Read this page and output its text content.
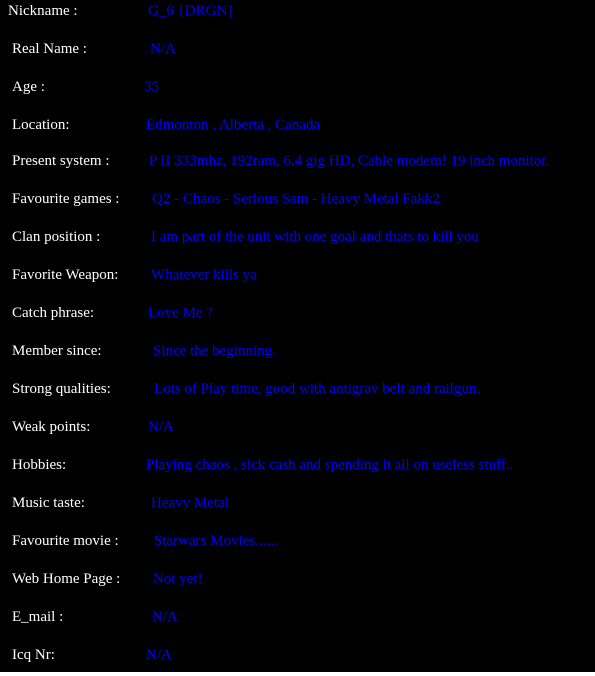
Nickname :	G_6 {DRGN}
Real Name :	N/A
Age :	35
Location:	Edmonton , Alberta , Canada
Present system :	P II 333mhz, 192ram, 6.4 gig HD, Cable modem! 19 inch monitor.
Favourite games : Q2 - Chaos - Serious Sam - Heavy Metal Fakk2
Clan position :	I am part of the unit with one goal and thats to kill you
Favorite Weapon: Whatever kills ya
Catch phrase:	Love Me ?
Member since:	Since the beginning.
Strong qualities:	Lots of Play time, good with antigrav belt and railgun.
Weak points:	N/A
Hobbies:	Playing chaos , sick cash and spending it all on useless stuff..
Music taste:	Heavy Metal
Favourite movie : Starwars Movies......
Web Home Page : Not yet!
E_mail :	N/A
Icq Nr:	N/A
